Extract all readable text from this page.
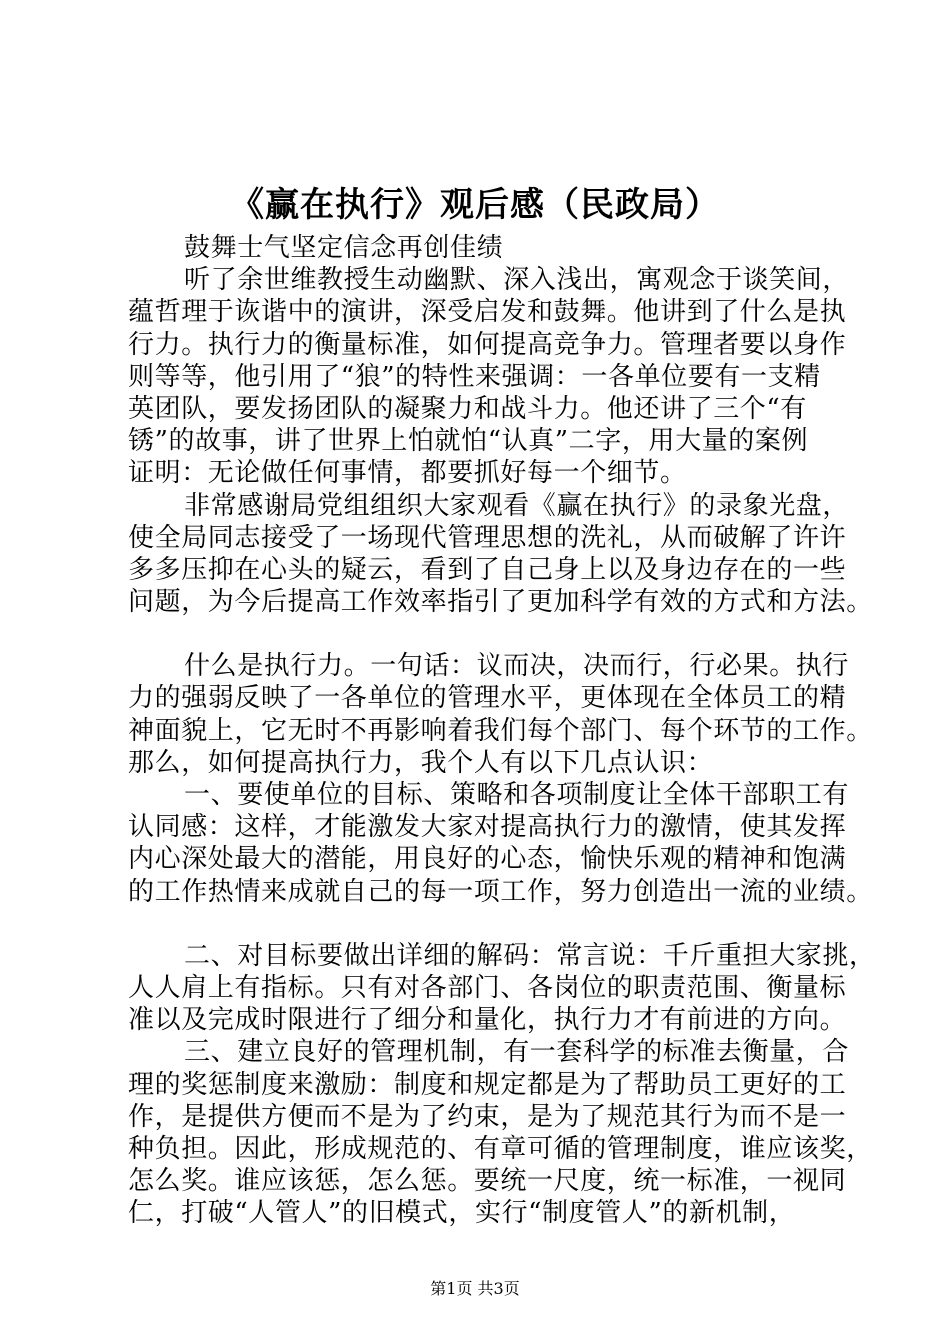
《赢在执行》观后感（民政局）
鼓舞士气坚定信念再创佳绩
听了余世维教授生动幽默、深入浅出，寓观念于谈笑间，
蕴哲理于诙谐中的演讲，深受启发和鼓舞。他讲到了什么是执
行力。执行力的衡量标准，如何提高竞争力。管理者要以身作
则等等，他引用了“狼”的特性来强调：一各单位要有一支精
英团队，要发扬团队的凝聚力和战斗力。他还讲了三个“有
锈”的故事，讲了世界上怕就怕“认真”二字，用大量的案例
证明：无论做任何事情，都要抓好每一个细节。
非常感谢局党组组织大家观看《赢在执行》的录象光盘，
使全局同志接受了一场现代管理思想的洗礼，从而破解了许许
多多压抑在心头的疑云，看到了自己身上以及身边存在的一些
问题，为今后提高工作效率指引了更加科学有效的方式和方法。
什么是执行力。一句话：议而决，决而行，行必果。执行
力的强弱反映了一各单位的管理水平，更体现在全体员工的精
神面貌上，它无时不再影响着我们每个部门、每个环节的工作。
那么，如何提高执行力，我个人有以下几点认识：
一、要使单位的目标、策略和各项制度让全体干部职工有
认同感：这样，才能激发大家对提高执行力的激情，使其发挥
内心深处最大的潜能，用良好的心态，愉快乐观的精神和饱满
的工作热情来成就自己的每一项工作，努力创造出一流的业绩。
二、对目标要做出详细的解码：常言说：千斤重担大家挑，
人人肩上有指标。只有对各部门、各岗位的职责范围、衡量标
准以及完成时限进行了细分和量化，执行力才有前进的方向。
三、建立良好的管理机制，有一套科学的标准去衡量，合
理的奖惩制度来激励：制度和规定都是为了帮助员工更好的工
作，是提供方便而不是为了约束，是为了规范其行为而不是一
种负担。因此，形成规范的、有章可循的管理制度，谁应该奖，
怎么奖。谁应该惩，怎么惩。要统一尺度，统一标准，一视同
仁，打破“人管人”的旧模式，实行“制度管人”的新机制，
第1页 共3页
